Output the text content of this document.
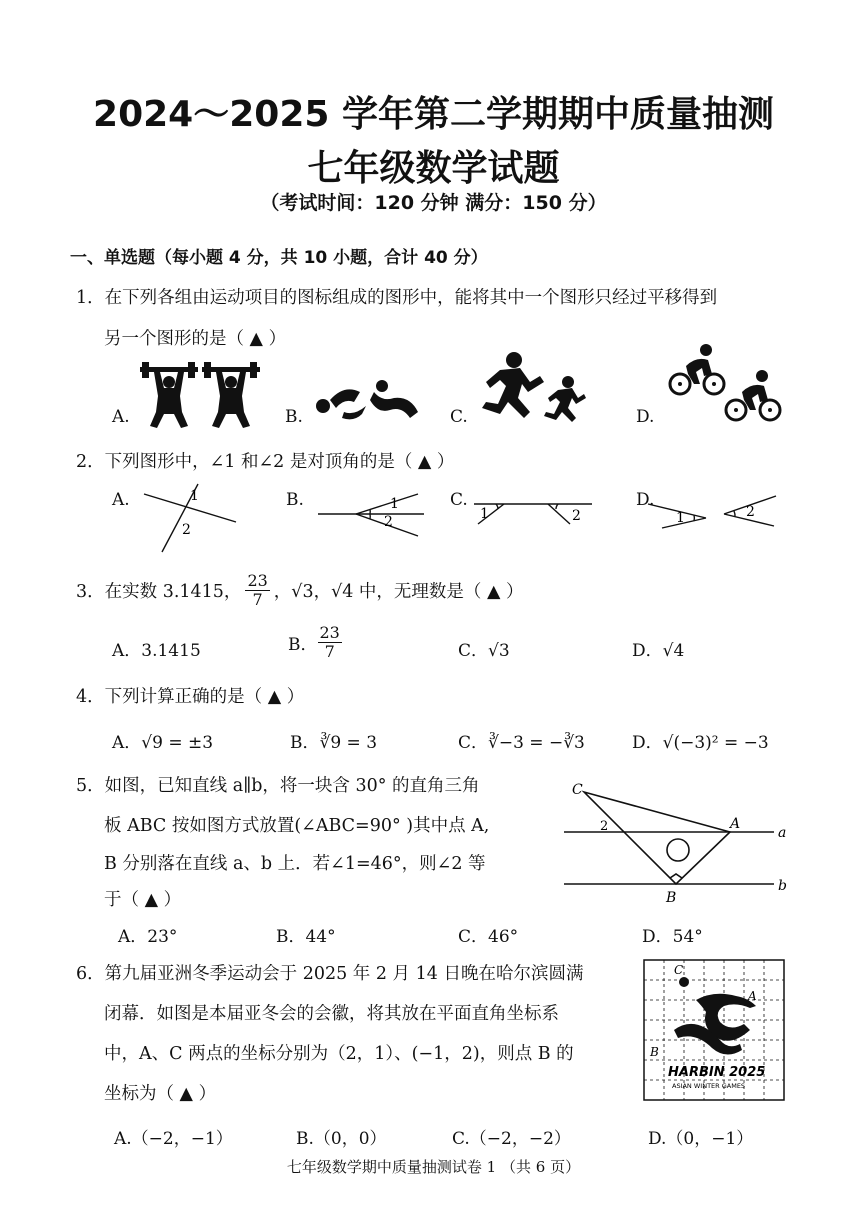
2024～2025 学年第二学期期中质量抽测
七年级数学试题
（考试时间：120 分钟 满分：150 分）
一、单选题（每小题 4 分，共 10 小题，合计 40 分）
1．在下列各组由运动项目的图标组成的图形中，能将其中一个图形只经过平移得到
另一个图形的是（ ▲ ）
A.	B.	C.	D.
2．下列图形中，∠1 和∠2 是对顶角的是（ ▲ ）
A.	1
2
B.	1
2
C.
1	2
D.
1	2
3．在实数 3.1415， $\frac{23}{7}$ ，√3，√4 中，无理数是（ ▲ ）
A．3.1415	B． $\frac{23}{7}$	C．√3	D．√4
4．下列计算正确的是（ ▲ ）
A．√9 = ±3	B．∛9 = 3	C．∛−3 = −∛3	D．√(−3)² = −3
5．如图，已知直线 a∥b，将一块含 30° 的直角三角
板 ABC 按如图方式放置(∠ABC=90° )其中点 A,
B 分别落在直线 a、b 上．若∠1=46°，则∠2 等
于（ ▲ ）
C
A
B
a
b
2
A．23°	B．44°	C．46°	D．54°
6．第九届亚洲冬季运动会于 2025 年 2 月 14 日晚在哈尔滨圆满
闭幕．如图是本届亚冬会的会徽，将其放在平面直角坐标系
中，A、C 两点的坐标分别为（2，1）、(−1，2)，则点 B 的
坐标为（ ▲ ）
C
A
B
HARBIN 2025
ASIAN WINTER GAMES
A.（−2，−1）	B.（0，0）	C.（−2，−2）	D.（0，−1）
七年级数学期中质量抽测试卷 1 （共 6 页）
